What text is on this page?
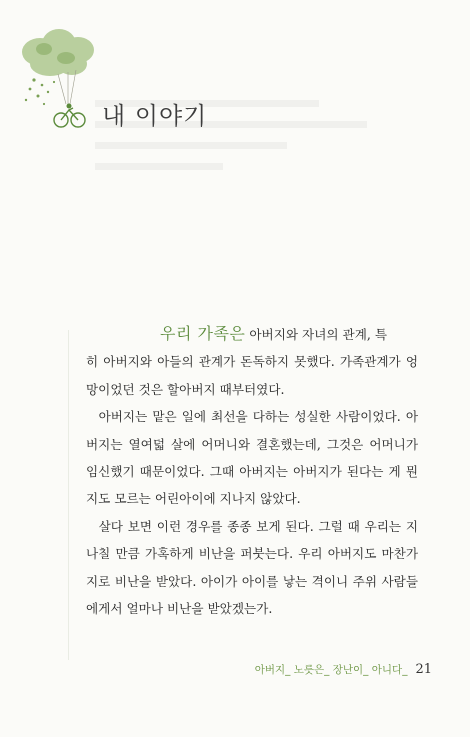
내 이야기

우리 가족은 아버지와 자녀의 관계, 특
히 아버지와 아들의 관계가 돈독하지 못했다. 가족관계가 엉망이었던 것은 할아버지 때부터였다.

아버지는 맡은 일에 최선을 다하는 성실한 사람이었다. 아버지는 열여덟 살에 어머니와 결혼했는데, 그것은 어머니가 임신했기 때문이었다. 그때 아버지는 아버지가 된다는 게 뭔지도 모르는 어린아이에 지나지 않았다.

살다 보면 이런 경우를 종종 보게 된다. 그럴 때 우리는 지나칠 만큼 가혹하게 비난을 퍼붓는다. 우리 아버지도 마찬가지로 비난을 받았다. 아이가 아이를 낳는 격이니 주위 사람들에게서 얼마나 비난을 받았겠는가.

아버지_ 노릇은_ 장난이_ 아니다_ 21
